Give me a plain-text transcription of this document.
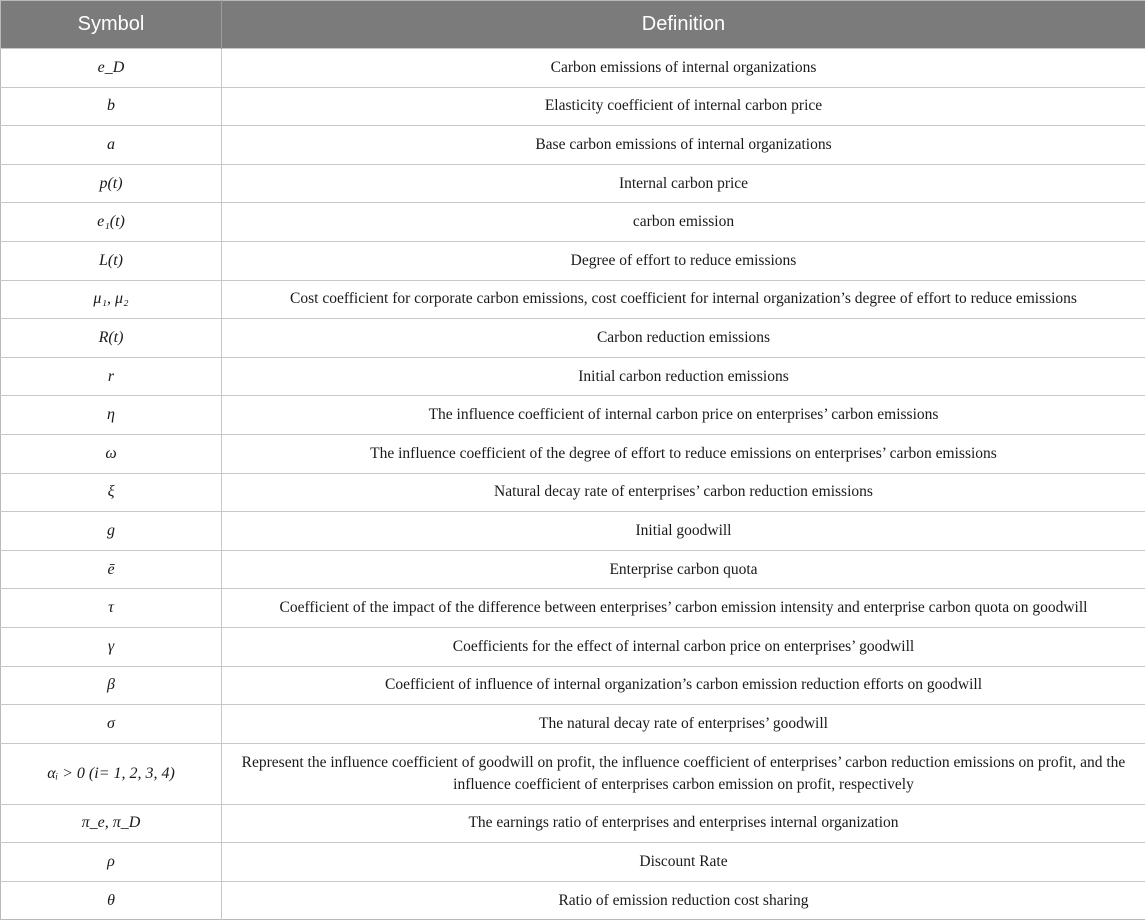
Symbol	Definition
e_D	Carbon emissions of internal organizations
b	Elasticity coefficient of internal carbon price
a	Base carbon emissions of internal organizations
p(t)	Internal carbon price
e₁(t)	carbon emission
L(t)	Degree of effort to reduce emissions
μ₁, μ₂	Cost coefficient for corporate carbon emissions, cost coefficient for internal organization’s degree of effort to reduce emissions
R(t)	Carbon reduction emissions
r	Initial carbon reduction emissions
η	The influence coefficient of internal carbon price on enterprises’ carbon emissions
ω	The influence coefficient of the degree of effort to reduce emissions on enterprises’ carbon emissions
ξ	Natural decay rate of enterprises’ carbon reduction emissions
g	Initial goodwill
ē	Enterprise carbon quota
τ	Coefficient of the impact of the difference between enterprises’ carbon emission intensity and enterprise carbon quota on goodwill
γ	Coefficients for the effect of internal carbon price on enterprises’ goodwill
β	Coefficient of influence of internal organization’s carbon emission reduction efforts on goodwill
σ	The natural decay rate of enterprises’ goodwill
αᵢ > 0 (i= 1, 2, 3, 4)	Represent the influence coefficient of goodwill on profit, the influence coefficient of enterprises’ carbon reduction emissions on profit, and the influence coefficient of enterprises carbon emission on profit, respectively
π_e, π_D	The earnings ratio of enterprises and enterprises internal organization
ρ	Discount Rate
θ	Ratio of emission reduction cost sharing
